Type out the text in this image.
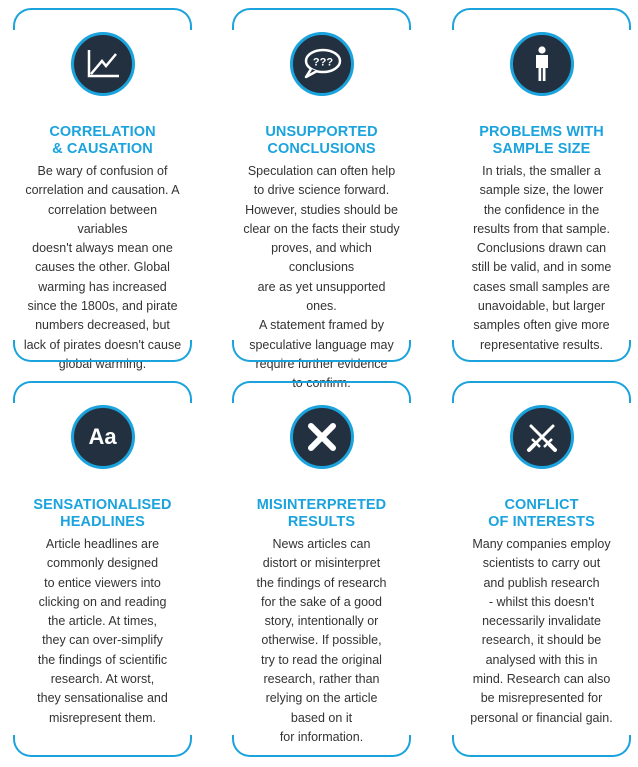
CORRELATION
& CAUSATION
Be wary of confusion of
correlation and causation. A
correlation between variables
doesn't always mean one
causes the other. Global
warming has increased
since the 1800s, and pirate
numbers decreased, but
lack of pirates doesn't cause
global warming.
???
UNSUPPORTED
CONCLUSIONS
Speculation can often help
to drive science forward.
However, studies should be
clear on the facts their study
proves, and which conclusions
are as yet unsupported ones.
A statement framed by
speculative language may
require further evidence
to confirm.
PROBLEMS WITH
SAMPLE SIZE
In trials, the smaller a
sample size, the lower
the confidence in the
results from that sample.
Conclusions drawn can
still be valid, and in some
cases small samples are
unavoidable, but larger
samples often give more
representative results.
Aa
SENSATIONALISED
HEADLINES
Article headlines are
commonly designed
to entice viewers into
clicking on and reading
the article. At times,
they can over-simplify
the findings of scientific
research. At worst,
they sensationalise and
misrepresent them.
MISINTERPRETED
RESULTS
News articles can
distort or misinterpret
the findings of research
for the sake of a good
story, intentionally or
otherwise. If possible,
try to read the original
research, rather than
relying on the article
based on it
for information.
CONFLICT
OF INTERESTS
Many companies employ
scientists to carry out
and publish research
- whilst this doesn't
necessarily invalidate
research, it should be
analysed with this in
mind. Research can also
be misrepresented for
personal or financial gain.
